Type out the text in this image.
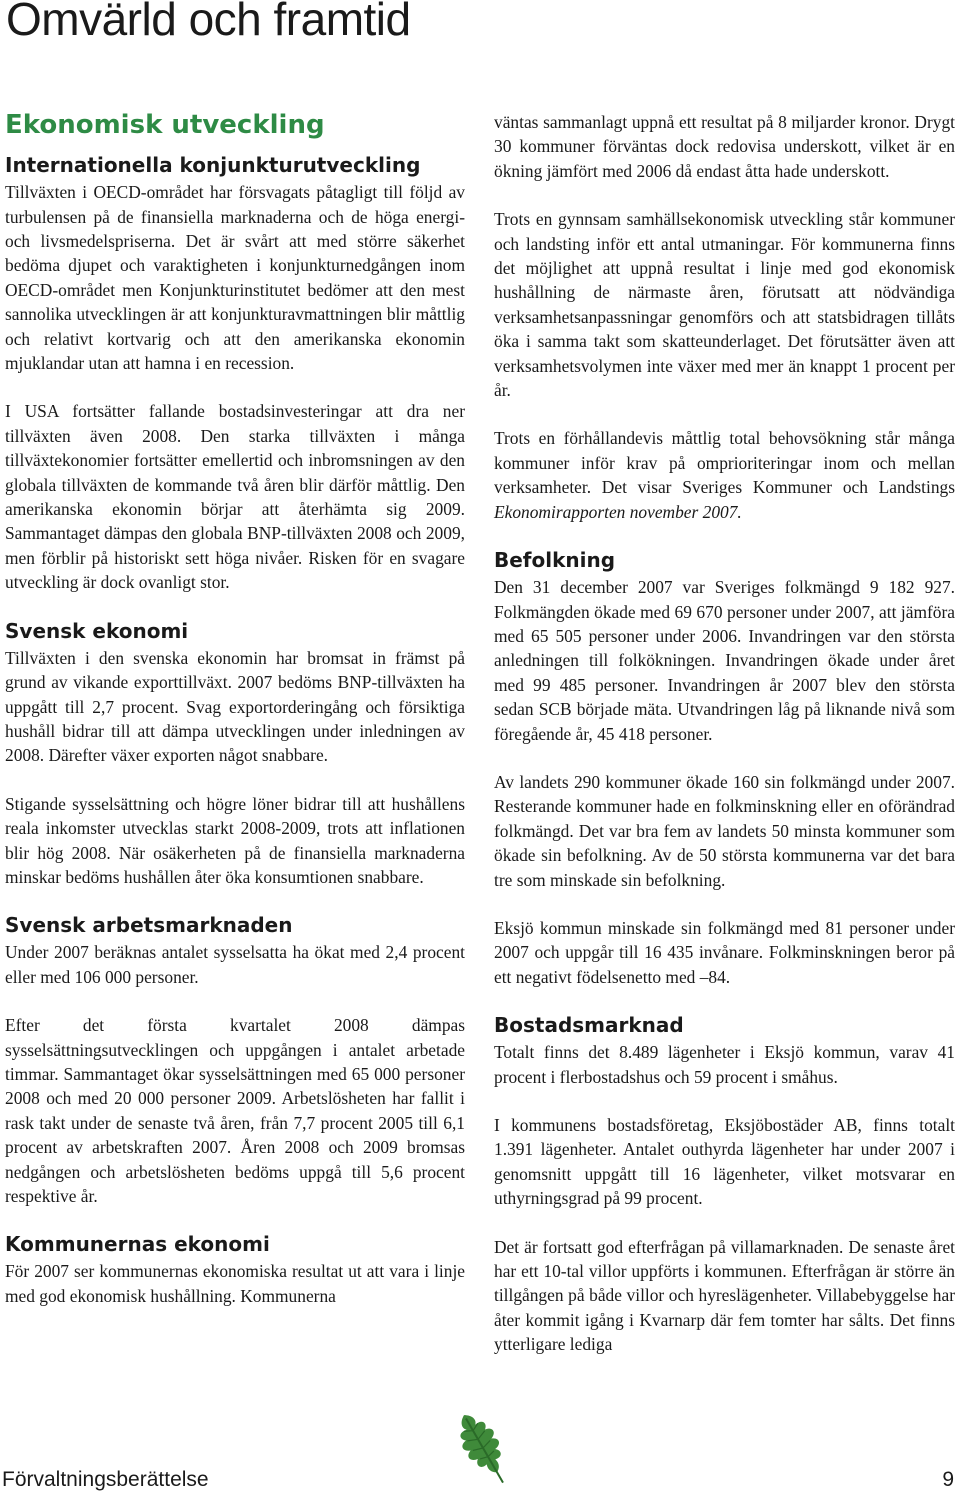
Omvärld och framtid
Ekonomisk utveckling
Internationella konjunkturutveckling

Tillväxten i OECD-området har försvagats påtagligt till följd av turbulensen på de finansiella marknaderna och de höga energi- och livsmedelspriserna. Det är svårt att med större säkerhet bedöma djupet och varaktigheten i konjunkturnedgången inom OECD-området men Konjunkturinstitutet bedömer att den mest sannolika utvecklingen är att konjunkturavmattningen blir måttlig och relativt kortvarig och att den amerikanska ekonomin mjuklandar utan att hamna i en recession.

I USA fortsätter fallande bostadsinvesteringar att dra ner tillväxten även 2008. Den starka tillväxten i många tillväxtekonomier fortsätter emellertid och inbromsningen av den globala tillväxten de kommande två åren blir därför måttlig. Den amerikanska ekonomin börjar att återhämta sig 2009. Sammantaget dämpas den globala BNP-tillväxten 2008 och 2009, men förblir på historiskt sett höga nivåer. Risken för en svagare utveckling är dock ovanligt stor.

Svensk ekonomi

Tillväxten i den svenska ekonomin har bromsat in främst på grund av vikande exporttillväxt. 2007 bedöms BNP-tillväxten ha uppgått till 2,7 procent. Svag exportorderingång och försiktiga hushåll bidrar till att dämpa utvecklingen under inledningen av 2008. Därefter växer exporten något snabbare.

Stigande sysselsättning och högre löner bidrar till att hushållens reala inkomster utvecklas starkt 2008-2009, trots att inflationen blir hög 2008. När osäkerheten på de finansiella marknaderna minskar bedöms hushållen åter öka konsumtionen snabbare.

Svensk arbetsmarknaden

Under 2007 beräknas antalet sysselsatta ha ökat med 2,4 procent eller med 106 000 personer.

Efter det första kvartalet 2008 dämpas sysselsättningsutvecklingen och uppgången i antalet arbetade timmar. Sammantaget ökar sysselsättningen med 65 000 personer 2008 och med 20 000 personer 2009. Arbetslösheten har fallit i rask takt under de senaste två åren, från 7,7 procent 2005 till 6,1 procent av arbetskraften 2007. Åren 2008 och 2009 bromsas nedgången och arbetslösheten bedöms uppgå till 5,6 procent respektive år.

Kommunernas ekonomi

För 2007 ser kommunernas ekonomiska resultat ut att vara i linje med god ekonomisk hushållning. Kommunerna

väntas sammanlagt uppnå ett resultat på 8 miljarder kronor. Drygt 30 kommuner förväntas dock redovisa underskott, vilket är en ökning jämfört med 2006 då endast åtta hade underskott.

Trots en gynnsam samhällsekonomisk utveckling står kommuner och landsting inför ett antal utmaningar. För kommunerna finns det möjlighet att uppnå resultat i linje med god ekonomisk hushållning de närmaste åren, förutsatt att nödvändiga verksamhetsanpassningar genomförs och att statsbidragen tillåts öka i samma takt som skatteunderlaget. Det förutsätter även att verksamhetsvolymen inte växer med mer än knappt 1 procent per år.

Trots en förhållandevis måttlig total behovsökning står många kommuner inför krav på omprioriteringar inom och mellan verksamheter. Det visar Sveriges Kommuner och Landstings Ekonomirapporten november 2007.

Befolkning

Den 31 december 2007 var Sveriges folkmängd 9 182 927. Folkmängden ökade med 69 670 personer under 2007, att jämföra med 65 505 personer under 2006. Invandringen var den största anledningen till folkökningen. Invandringen ökade under året med 99 485 personer. Invandringen år 2007 blev den största sedan SCB började mäta. Utvandringen låg på liknande nivå som föregående år, 45 418 personer.

Av landets 290 kommuner ökade 160 sin folkmängd under 2007. Resterande kommuner hade en folkminskning eller en oförändrad folkmängd. Det var bra fem av landets 50 minsta kommuner som ökade sin befolkning. Av de 50 största kommunerna var det bara tre som minskade sin befolkning.

Eksjö kommun minskade sin folkmängd med 81 personer under 2007 och uppgår till 16 435 invånare. Folkminskningen beror på ett negativt födelsenetto med –84.

Bostadsmarknad

Totalt finns det 8.489 lägenheter i Eksjö kommun, varav 41 procent i flerbostadshus och 59 procent i småhus.

I kommunens bostadsföretag, Eksjöbostäder AB, finns totalt 1.391 lägenheter. Antalet outhyrda lägenheter har under 2007 i genomsnitt uppgått till 16 lägenheter, vilket motsvarar en uthyrningsgrad på 99 procent.

Det är fortsatt god efterfrågan på villamarknaden. De senaste året har ett 10-tal villor uppförts i kommunen. Efterfrågan är större än tillgången på både villor och hyreslägenheter. Villabebyggelse har åter kommit igång i Kvarnarp där fem tomter har sålts. Det finns ytterligare lediga

Förvaltningsberättelse	9
